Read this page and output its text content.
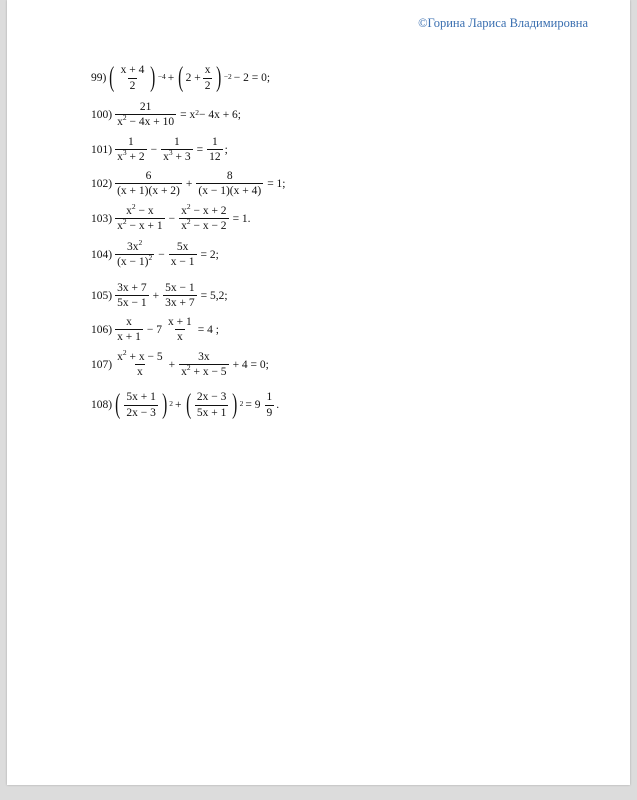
©Горина Лариса Владимировна
99) ( $\frac{x + 4}{2}$ ) $^{-4}$ + ( $2 + \frac{x}{2}$ ) $^{-2}$ − 2 = 0;
$100) \frac{21}{x^2 - 4x + 10} = x^2 - 4x + 6$;
$101) \frac{1}{x^3 + 2} - \frac{1}{x^3 + 3} = \frac{1}{12}$ ;
$102) \frac{6}{(x + 1)(x + 2)} + \frac{8}{(x - 1)(x + 4)} = 1$;
$103) \frac{x^2 - x}{x^2 - x + 1} - \frac{x^2 - x + 2}{x^2 - x - 2} = 1$.
$104) \frac{3x^2}{(x - 1)^2} - \frac{5x}{x - 1} = 2$;
$105) \frac{3x + 7}{5x - 1} + \frac{5x - 1}{3x + 7} = 5,2$;
$106) \frac{x}{x + 1} - 7 \frac{x + 1}{x} = 4$ ;
$107) \frac{x^2 + x - 5}{x} + \frac{3x}{x^2 + x - 5} + 4 = 0$;
108) ( $\frac{5x + 1}{2x - 3}$ ) $^2$ + ( $\frac{2x - 3}{5x + 1}$ ) $^2 = 9 \frac{1}{9}$ .
